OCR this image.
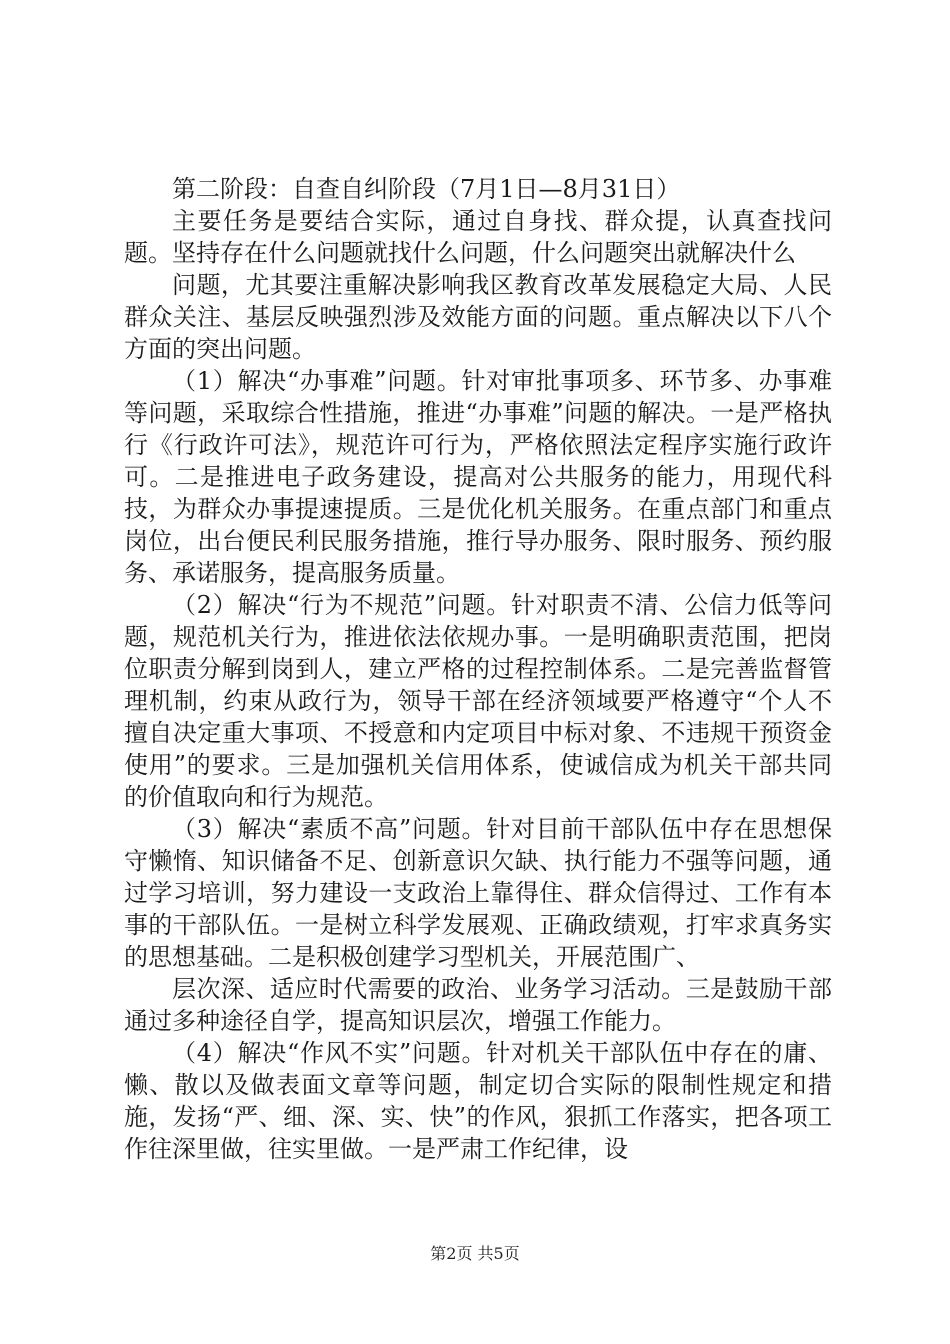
第二阶段：自查自纠阶段（7月1日—8月31日）

主要任务是要结合实际，通过自身找、群众提，认真查找问题。坚持存在什么问题就找什么问题，什么问题突出就解决什么

问题，尤其要注重解决影响我区教育改革发展稳定大局、人民群众关注、基层反映强烈涉及效能方面的问题。重点解决以下八个方面的突出问题。

（1）解决“办事难”问题。针对审批事项多、环节多、办事难等问题，采取综合性措施，推进“办事难”问题的解决。一是严格执行《行政许可法》，规范许可行为，严格依照法定程序实施行政许可。二是推进电子政务建设，提高对公共服务的能力，用现代科技，为群众办事提速提质。三是优化机关服务。在重点部门和重点岗位，出台便民利民服务措施，推行导办服务、限时服务、预约服务、承诺服务，提高服务质量。

（2）解决“行为不规范”问题。针对职责不清、公信力低等问题，规范机关行为，推进依法依规办事。一是明确职责范围，把岗位职责分解到岗到人，建立严格的过程控制体系。二是完善监督管理机制，约束从政行为，领导干部在经济领域要严格遵守“个人不擅自决定重大事项、不授意和内定项目中标对象、不违规干预资金使用”的要求。三是加强机关信用体系，使诚信成为机关干部共同的价值取向和行为规范。

（3）解决“素质不高”问题。针对目前干部队伍中存在思想保守懒惰、知识储备不足、创新意识欠缺、执行能力不强等问题，通过学习培训，努力建设一支政治上靠得住、群众信得过、工作有本事的干部队伍。一是树立科学发展观、正确政绩观，打牢求真务实的思想基础。二是积极创建学习型机关，开展范围广、

层次深、适应时代需要的政治、业务学习活动。三是鼓励干部通过多种途径自学，提高知识层次，增强工作能力。

（4）解决“作风不实”问题。针对机关干部队伍中存在的庸、懒、散以及做表面文章等问题，制定切合实际的限制性规定和措施，发扬“严、细、深、实、快”的作风，狠抓工作落实，把各项工作往深里做，往实里做。一是严肃工作纪律，设

第2页 共5页
